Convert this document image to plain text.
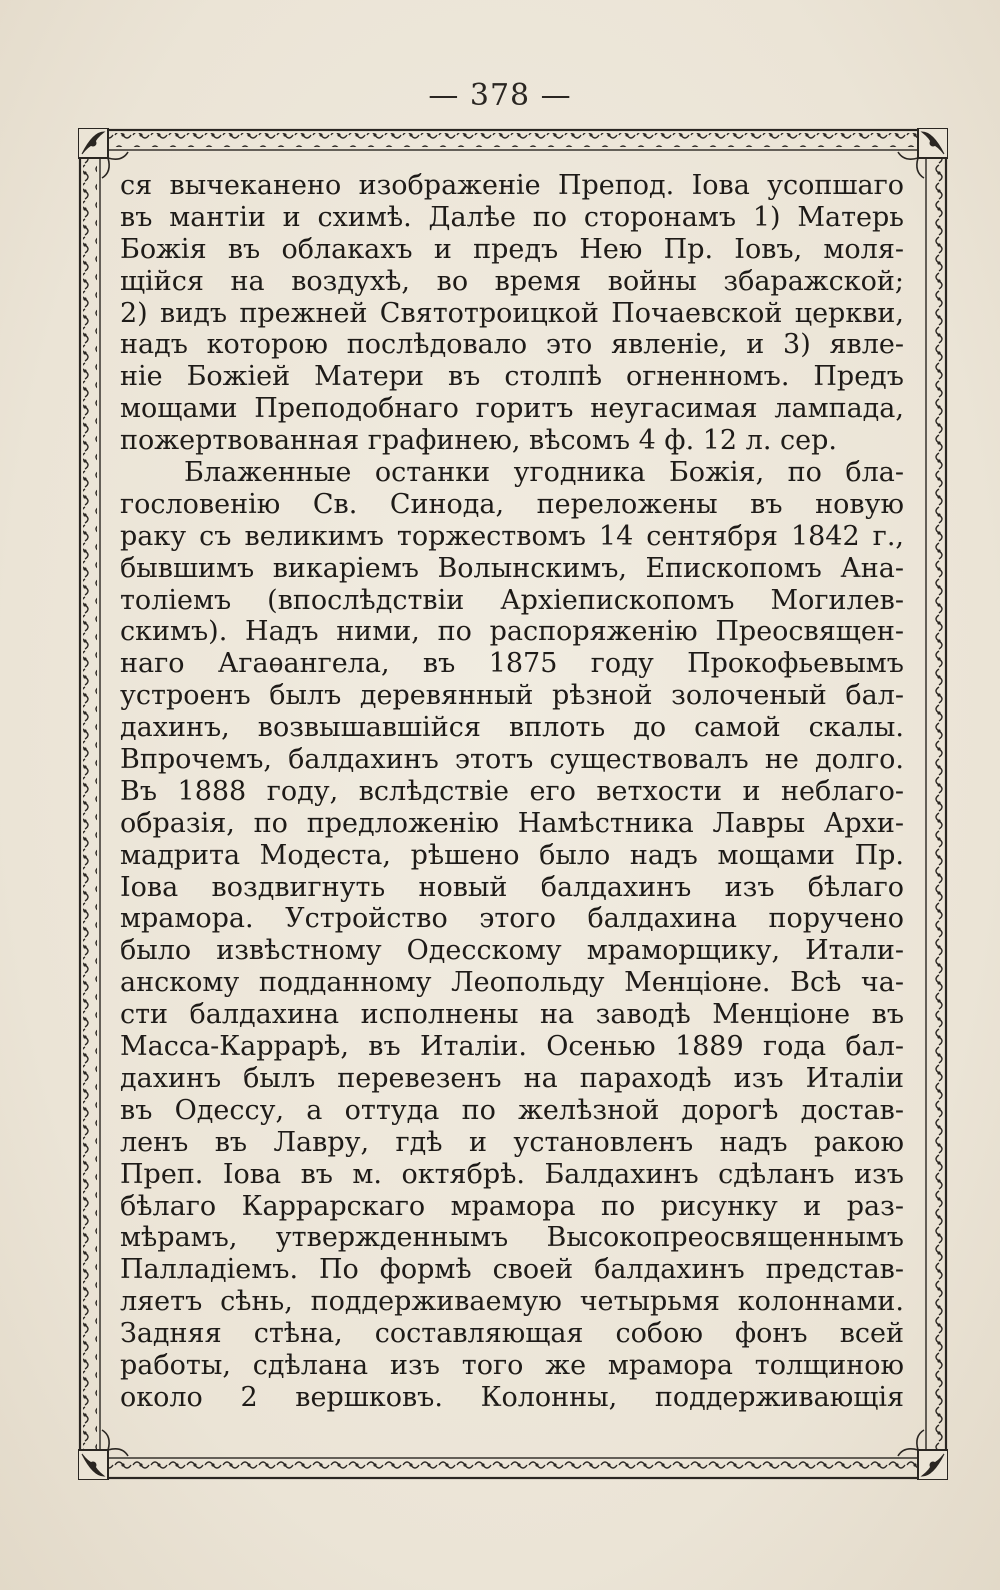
— 378 —
ся вычеканено изображеніе Препод. Іова усопшаго
въ мантіи и схимѣ. Далѣе по сторонамъ 1) Матерь
Божія въ облакахъ и предъ Нею Пр. Іовъ, моля-
щійся на воздухѣ, во время войны збаражской;
2) видъ прежней Святотроицкой Почаевской церкви,
надъ которою послѣдовало это явленіе, и 3) явле-
ніе Божіей Матери въ столпѣ огненномъ. Предъ
мощами Преподобнаго горитъ неугасимая лампада,
пожертвованная графинею, вѣсомъ 4 ф. 12 л. сер.
Блаженные останки угодника Божія, по бла-
гословенію Св. Синода, переложены въ новую
раку съ великимъ торжествомъ 14 сентября 1842 г.,
бывшимъ викаріемъ Волынскимъ, Епископомъ Ана-
толіемъ (впослѣдствіи Архіепископомъ Могилев-
скимъ). Надъ ними, по распоряженію Преосвящен-
наго Агаѳангела, въ 1875 году Прокофьевымъ
устроенъ былъ деревянный рѣзной золоченый бал-
дахинъ, возвышавшійся вплоть до самой скалы.
Впрочемъ, балдахинъ этотъ существовалъ не долго.
Въ 1888 году, вслѣдствіе его ветхости и неблаго-
образія, по предложенію Намѣстника Лавры Архи-
мадрита Модеста, рѣшено было надъ мощами Пр.
Іова воздвигнуть новый балдахинъ изъ бѣлаго
мрамора. Устройство этого балдахина поручено
было извѣстному Одесскому мраморщику, Итали-
анскому подданному Леопольду Менціоне. Всѣ ча-
сти балдахина исполнены на заводѣ Менціоне въ
Масса-Каррарѣ, въ Италіи. Осенью 1889 года бал-
дахинъ былъ перевезенъ на параходѣ изъ Италіи
въ Одессу, а оттуда по желѣзной дорогѣ достав-
ленъ въ Лавру, гдѣ и установленъ надъ ракою
Преп. Іова въ м. октябрѣ. Балдахинъ сдѣланъ изъ
бѣлаго Каррарскаго мрамора по рисунку и раз-
мѣрамъ, утвержденнымъ Высокопреосвященнымъ
Палладіемъ. По формѣ своей балдахинъ представ-
ляетъ сѣнь, поддерживаемую четырьмя колоннами.
Задняя стѣна, составляющая собою фонъ всей
работы, сдѣлана изъ того же мрамора толщиною
около 2 вершковъ. Колонны, поддерживающія
